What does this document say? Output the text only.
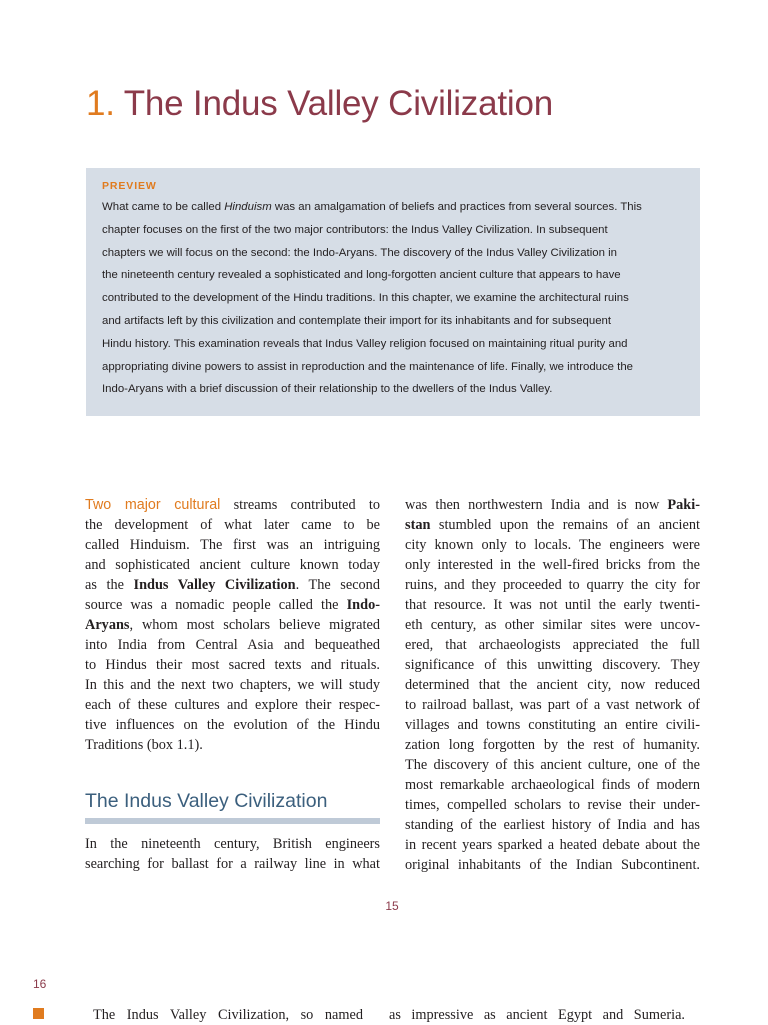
1. The Indus Valley Civilization
PREVIEW
What came to be called Hinduism was an amalgamation of beliefs and practices from several sources. This
chapter focuses on the first of the two major contributors: the Indus Valley Civilization. In subsequent
chapters we will focus on the second: the Indo-Aryans. The discovery of the Indus Valley Civilization in
the nineteenth century revealed a sophisticated and long-forgotten ancient culture that appears to have
contributed to the development of the Hindu traditions. In this chapter, we examine the architectural ruins
and artifacts left by this civilization and contemplate their import for its inhabitants and for subsequent
Hindu history. This examination reveals that Indus Valley religion focused on maintaining ritual purity and
appropriating divine powers to assist in reproduction and the maintenance of life. Finally, we introduce the
Indo-Aryans with a brief discussion of their relationship to the dwellers of the Indus Valley.
Two major cultural streams contributed to
the development of what later came to be
called Hinduism. The first was an intriguing
and sophisticated ancient culture known today
as the Indus Valley Civilization. The second
source was a nomadic people called the Indo-
Aryans, whom most scholars believe migrated
into India from Central Asia and bequeathed
to Hindus their most sacred texts and rituals.
In this and the next two chapters, we will study
each of these cultures and explore their respec-
tive influences on the evolution of the Hindu
Traditions (box 1.1).
The Indus Valley Civilization
In the nineteenth century, British engineers
searching for ballast for a railway line in what
was then northwestern India and is now Paki-
stan stumbled upon the remains of an ancient
city known only to locals. The engineers were
only interested in the well-fired bricks from the
ruins, and they proceeded to quarry the city for
that resource. It was not until the early twenti-
eth century, as other similar sites were uncov-
ered, that archaeologists appreciated the full
significance of this unwitting discovery. They
determined that the ancient city, now reduced
to railroad ballast, was part of a vast network of
villages and towns constituting an entire civili-
zation long forgotten by the rest of humanity.
The discovery of this ancient culture, one of the
most remarkable archaeological finds of modern
times, compelled scholars to revise their under-
standing of the earliest history of India and has
in recent years sparked a heated debate about the
original inhabitants of the Indian Subcontinent.
15
16
The Indus Valley Civilization, so named as impressive as ancient Egypt and Sumeria.
